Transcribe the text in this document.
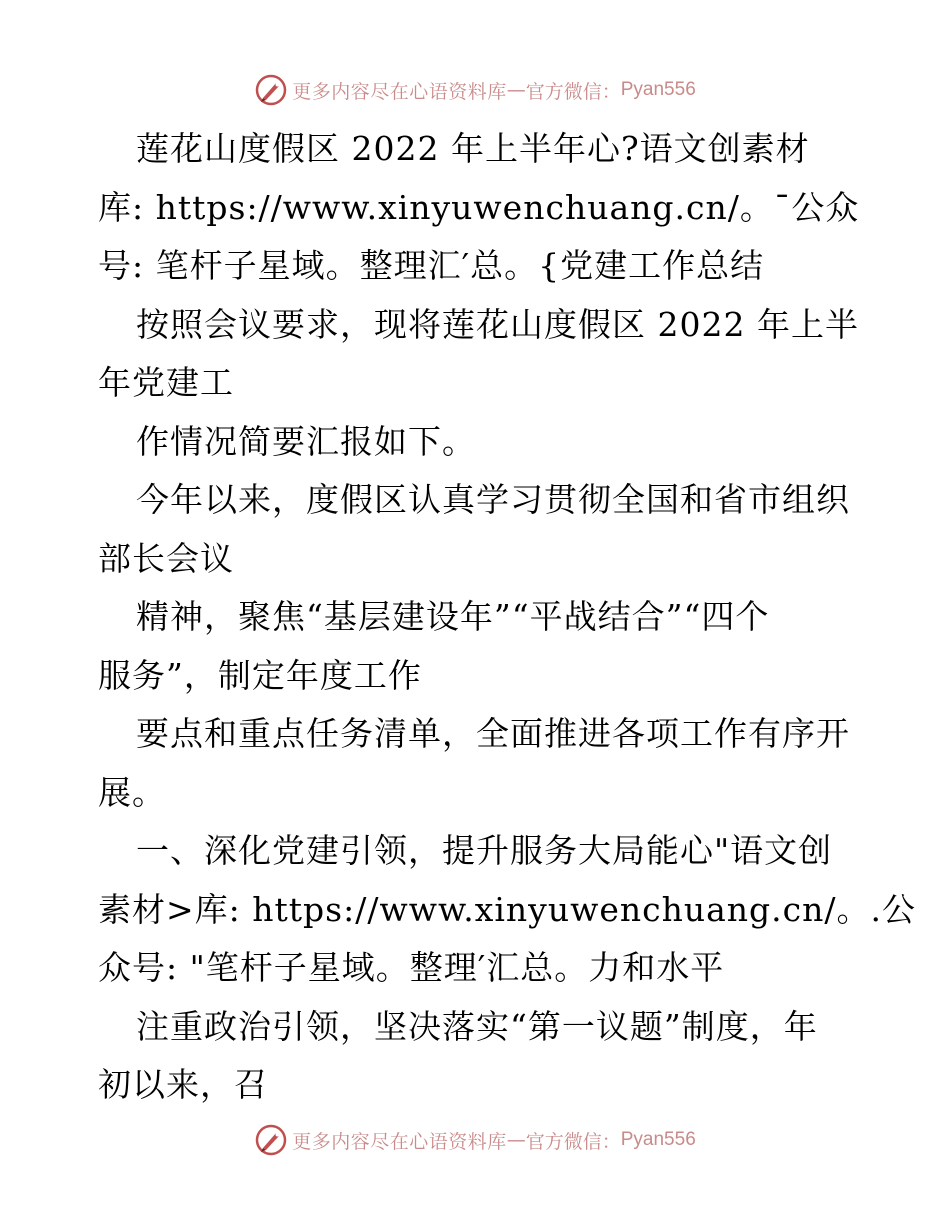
更多内容尽在心语资料库 — 官方微信： Pyan556
莲花山度假区 2022 年上半年心?语文创素材
库: https://www.xinyuwenchuang.cn/。¯公众
号: 笔杆子星域。整理汇′总。{党建工作总结
按照会议要求，现将莲花山度假区 2022 年上半
年党建工
作情况简要汇报如下。
今年以来，度假区认真学习贯彻全国和省市组织
部长会议
精神，聚焦“基层建设年”“平战结合”“四个
服务”，制定年度工作
要点和重点任务清单，全面推进各项工作有序开
展。
一、深化党建引领，提升服务大局能心"语文创
素材>库: https://www.xinyuwenchuang.cn/。.公
众号: "笔杆子星域。整理′汇总。力和水平
注重政治引领，坚决落实“第一议题”制度，年
初以来，召
更多内容尽在心语资料库 — 官方微信： Pyan556
